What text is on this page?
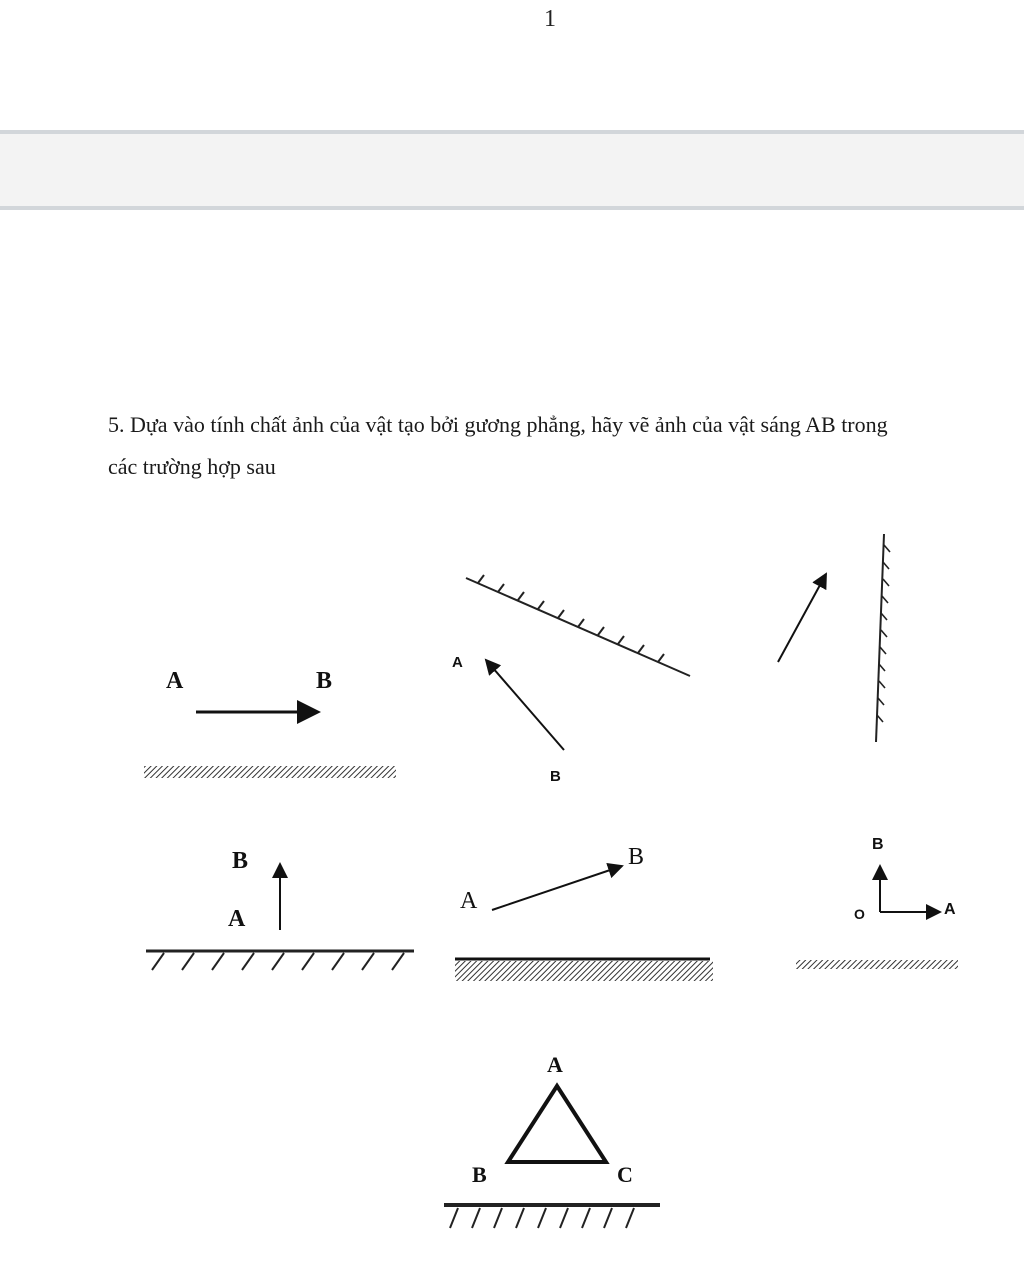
1
5. Dựa vào tính chất ảnh của vật tạo bởi gương phẳng, hãy vẽ ảnh của vật sáng AB trong
các trường hợp sau
A	B
A
B
B
A
A
B	B
O	A
A
B	C
